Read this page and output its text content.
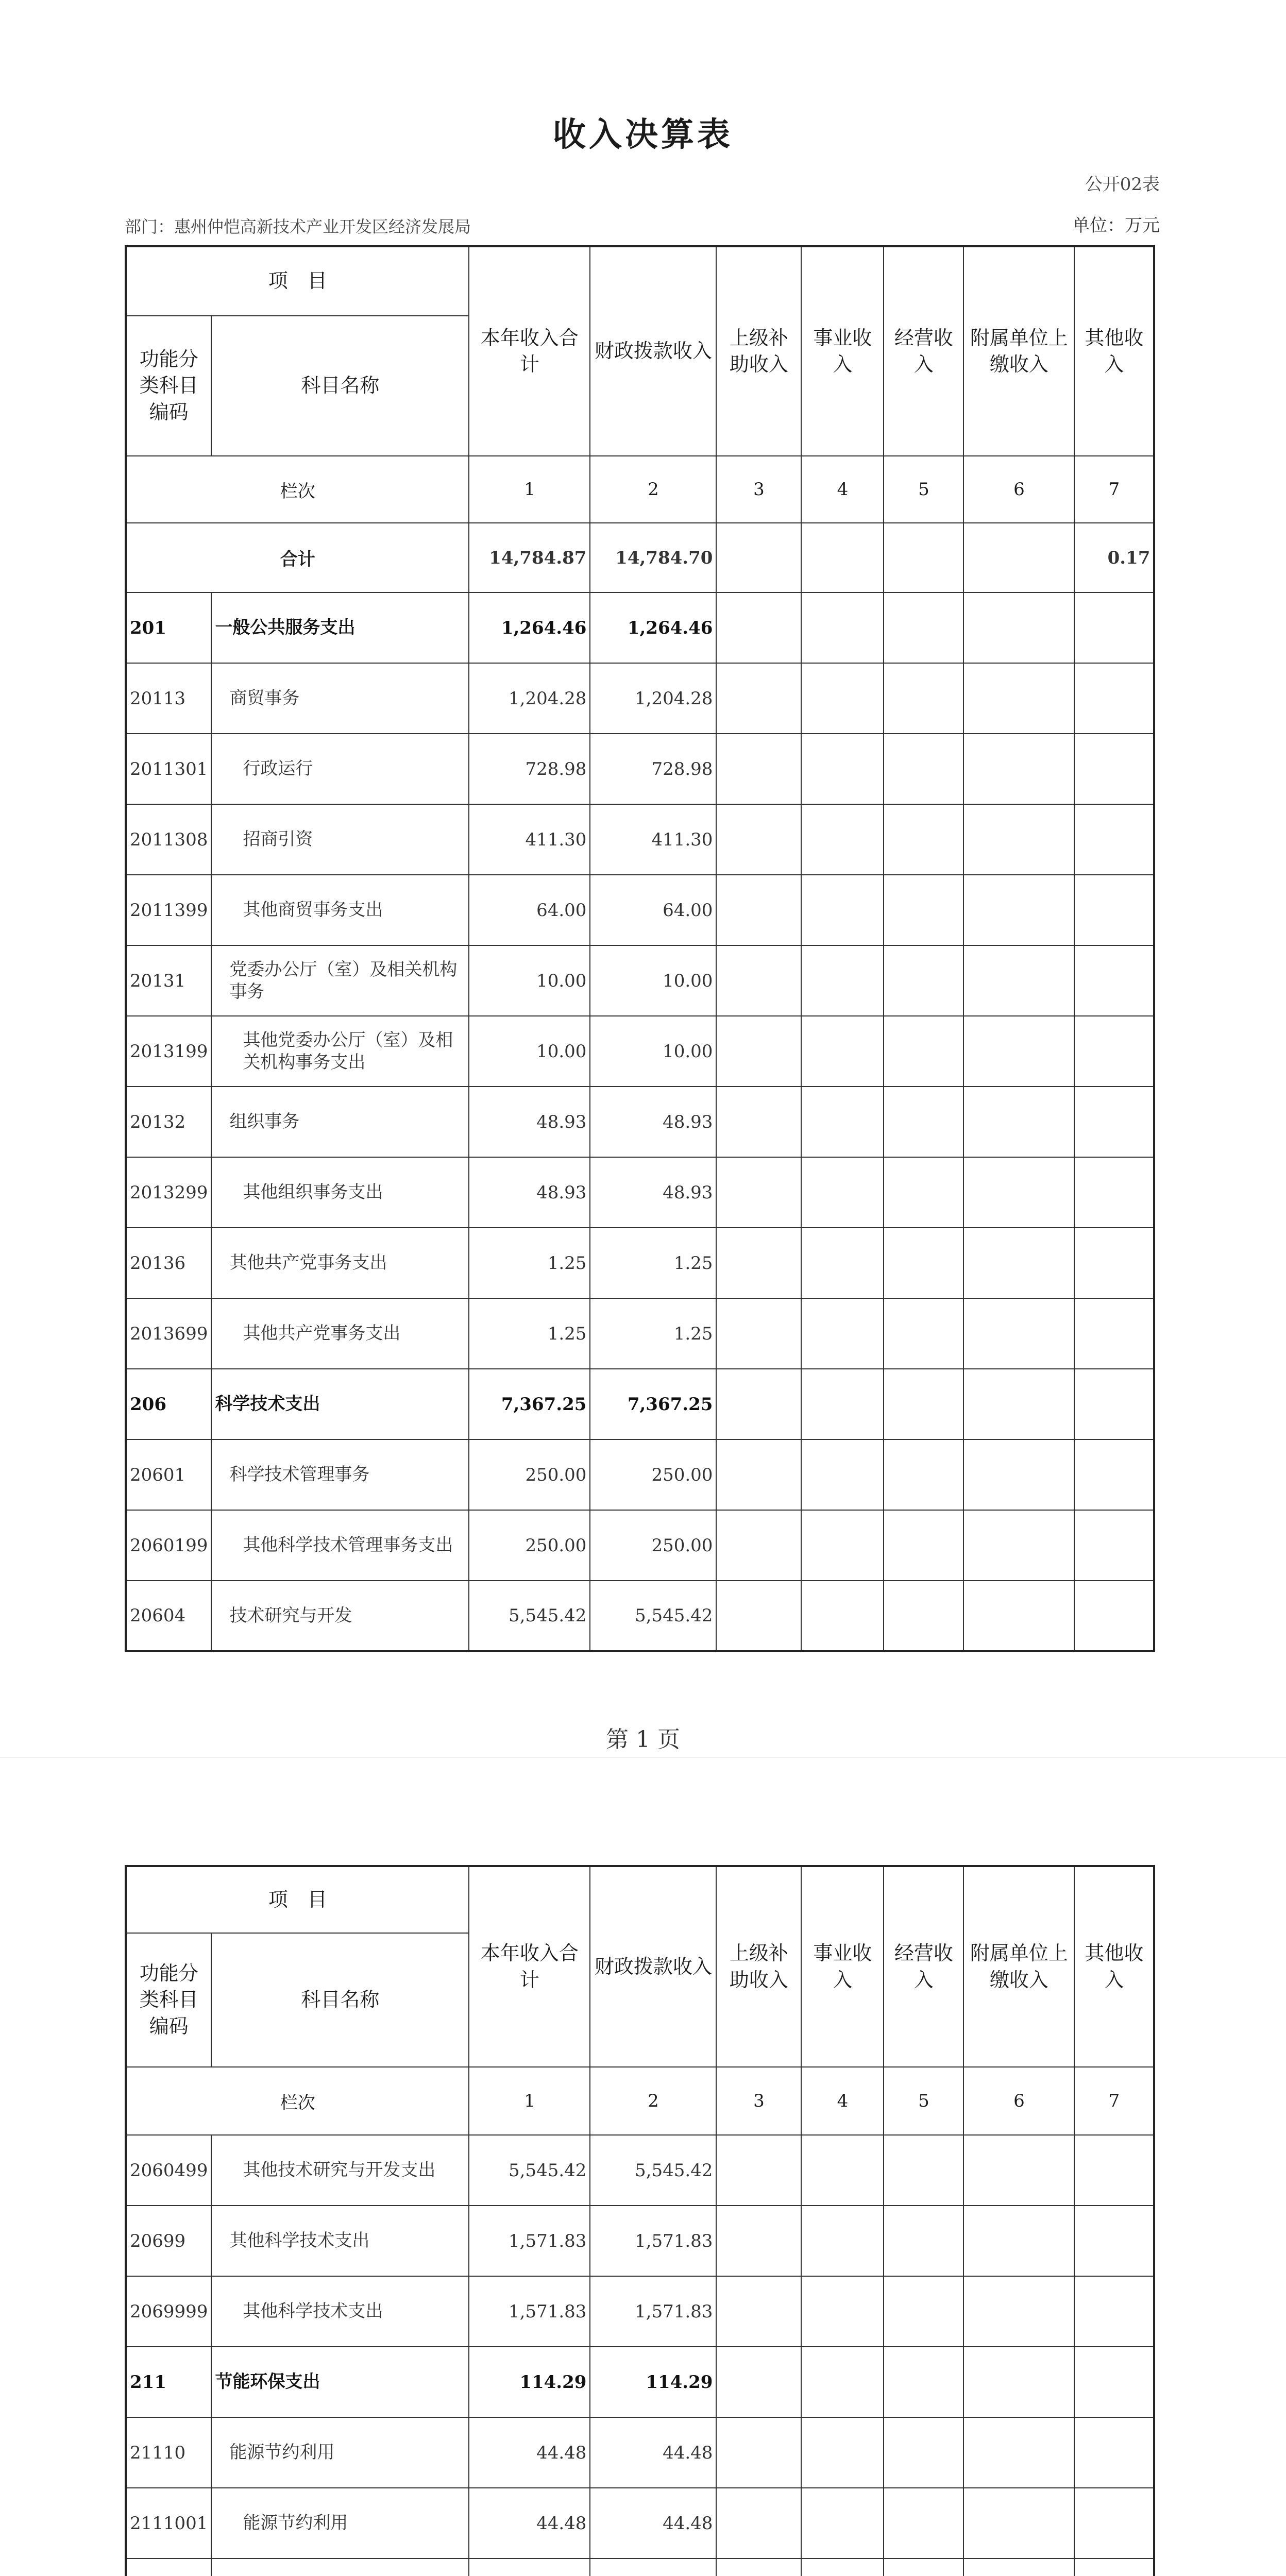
收入决算表
公开02表
部门：惠州仲恺高新技术产业开发区经济发展局	单位：万元
项　目		本年收入合计	财政拨款收入	上级补助收入	事业收入	经营收入	附属单位上缴收入	其他收入
功能分类科目编码	科目名称							
栏次		1	2	3	4	5	6	7
合计		14,784.87	14,784.70					0.17
201	一般公共服务支出	1,264.46	1,264.46					
20113	商贸事务	1,204.28	1,204.28					
2011301	行政运行	728.98	728.98					
2011308	招商引资	411.30	411.30					
2011399	其他商贸事务支出	64.00	64.00					
20131	党委办公厅（室）及相关机构事务	10.00	10.00					
2013199	其他党委办公厅（室）及相关机构事务支出	10.00	10.00					
20132	组织事务	48.93	48.93					
2013299	其他组织事务支出	48.93	48.93					
20136	其他共产党事务支出	1.25	1.25					
2013699	其他共产党事务支出	1.25	1.25					
206	科学技术支出	7,367.25	7,367.25					
20601	科学技术管理事务	250.00	250.00					
2060199	其他科学技术管理事务支出	250.00	250.00					
20604	技术研究与开发	5,545.42	5,545.42					
第 1 页
项　目		本年收入合计	财政拨款收入	上级补助收入	事业收入	经营收入	附属单位上缴收入	其他收入
功能分类科目编码	科目名称							
栏次		1	2	3	4	5	6	7
2060499	其他技术研究与开发支出	5,545.42	5,545.42					
20699	其他科学技术支出	1,571.83	1,571.83					
2069999	其他科学技术支出	1,571.83	1,571.83					
211	节能环保支出	114.29	114.29					
21110	能源节约利用	44.48	44.48					
2111001	能源节约利用	44.48	44.48					
